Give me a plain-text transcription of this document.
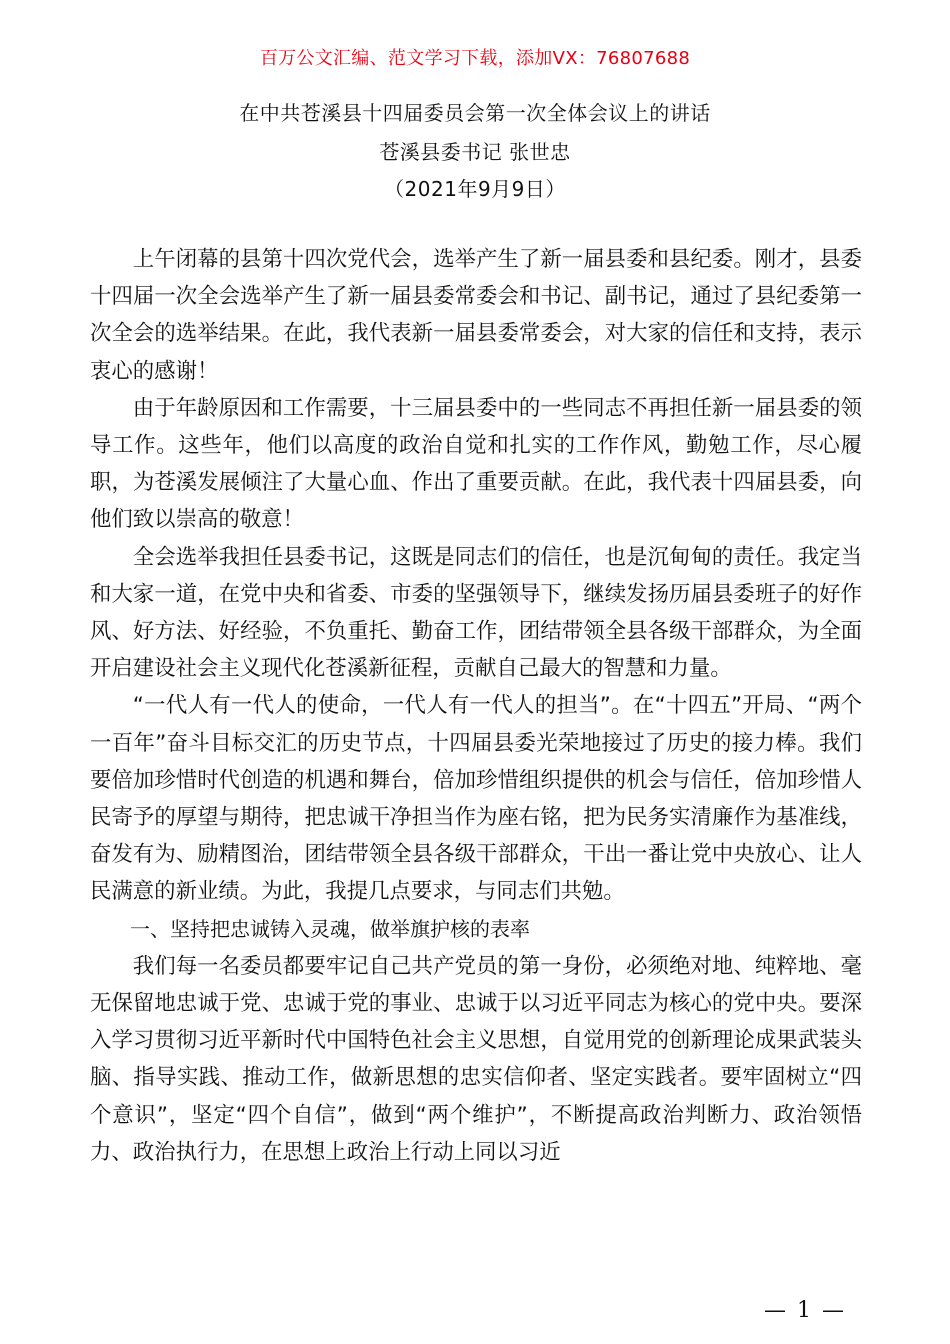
百万公文汇编、范文学习下载，添加VX：76807688
在中共苍溪县十四届委员会第一次全体会议上的讲话
苍溪县委书记 张世忠
（2021年9月9日）

上午闭幕的县第十四次党代会，选举产生了新一届县委和县纪委。刚才，县委十四届一次全会选举产生了新一届县委常委会和书记、副书记，通过了县纪委第一次全会的选举结果。在此，我代表新一届县委常委会，对大家的信任和支持，表示衷心的感谢！

由于年龄原因和工作需要，十三届县委中的一些同志不再担任新一届县委的领导工作。这些年，他们以高度的政治自觉和扎实的工作作风，勤勉工作，尽心履职，为苍溪发展倾注了大量心血、作出了重要贡献。在此，我代表十四届县委，向他们致以崇高的敬意！

全会选举我担任县委书记，这既是同志们的信任，也是沉甸甸的责任。我定当和大家一道，在党中央和省委、市委的坚强领导下，继续发扬历届县委班子的好作风、好方法、好经验，不负重托、勤奋工作，团结带领全县各级干部群众，为全面开启建设社会主义现代化苍溪新征程，贡献自己最大的智慧和力量。

“一代人有一代人的使命，一代人有一代人的担当”。在“十四五”开局、“两个一百年”奋斗目标交汇的历史节点，十四届县委光荣地接过了历史的接力棒。我们要倍加珍惜时代创造的机遇和舞台，倍加珍惜组织提供的机会与信任，倍加珍惜人民寄予的厚望与期待，把忠诚干净担当作为座右铭，把为民务实清廉作为基准线，奋发有为、励精图治，团结带领全县各级干部群众，干出一番让党中央放心、让人民满意的新业绩。为此，我提几点要求，与同志们共勉。

一、坚持把忠诚铸入灵魂，做举旗护核的表率

我们每一名委员都要牢记自己共产党员的第一身份，必须绝对地、纯粹地、毫无保留地忠诚于党、忠诚于党的事业、忠诚于以习近平同志为核心的党中央。要深入学习贯彻习近平新时代中国特色社会主义思想，自觉用党的创新理论成果武装头脑、指导实践、推动工作，做新思想的忠实信仰者、坚定实践者。要牢固树立“四个意识”，坚定“四个自信”，做到“两个维护”，不断提高政治判断力、政治领悟力、政治执行力，在思想上政治上行动上同以习近

— 1 —
